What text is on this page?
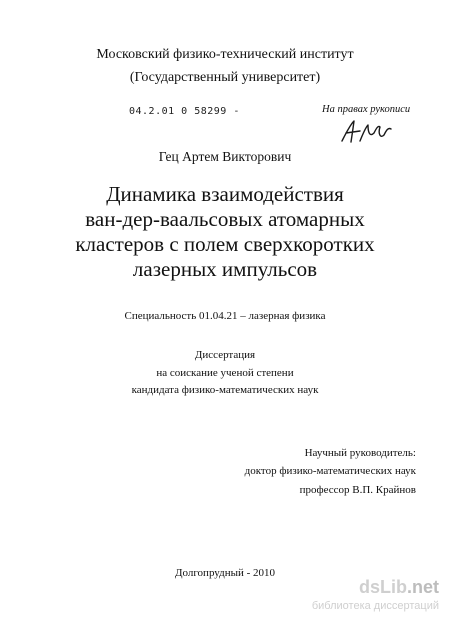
Московский физико-технический институт
(Государственный университет)
04.2.01 0 58299 -	На правах рукописи
Гец Артем Викторович
Динамика взаимодействия
ван-дер-ваальсовых атомарных
кластеров с полем сверхкоротких
лазерных импульсов
Специальность 01.04.21 – лазерная физика
Диссертация
на соискание ученой степени
кандидата физико-математических наук
Научный руководитель:
доктор физико-математических наук
профессор В.П. Крайнов
Долгопрудный - 2010
dsLib.net
библиотека диссертаций
